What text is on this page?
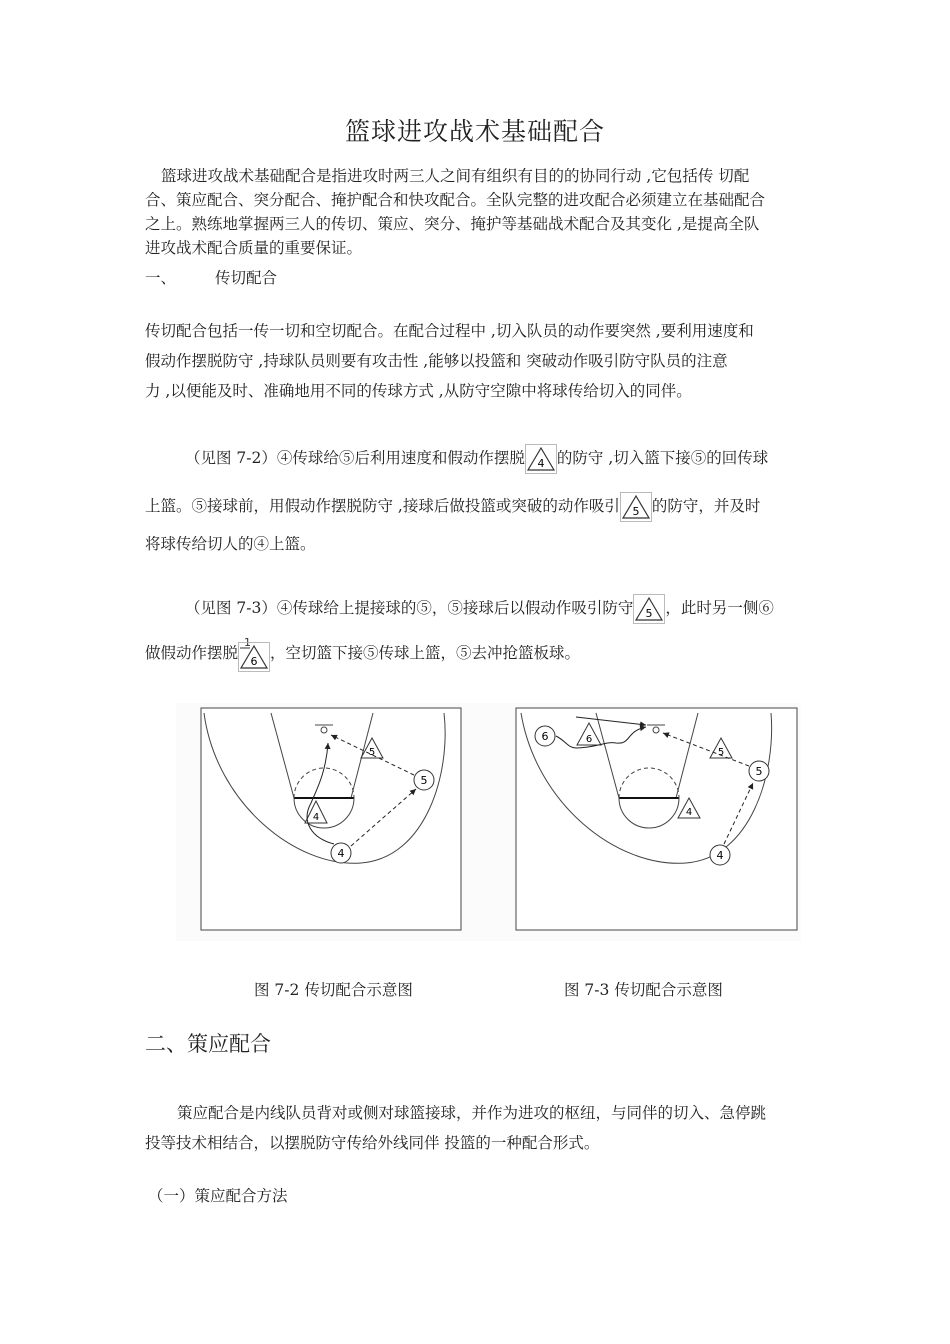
篮球进攻战术基础配合
篮球进攻战术基础配合是指进攻时两三人之间有组织有目的的协同行动 ,它包括传 切配
合、策应配合、突分配合、掩护配合和快攻配合。全队完整的进攻配合必须建立在基础配合
之上。熟练地掌握两三人的传切、策应、突分、掩护等基础战术配合及其变化 ,是提高全队
进攻战术配合质量的重要保证。
一、	传切配合
传切配合包括一传一切和空切配合。在配合过程中 ,切入队员的动作要突然 ,要利用速度和
假动作摆脱防守 ,持球队员则要有攻击性 ,能够以投篮和 突破动作吸引防守队员的注意
力 ,以便能及时、准确地用不同的传球方式 ,从防守空隙中将球传给切入的同伴。
（见图 7-2）④传球给⑤后利用速度和假动作摆脱 4 的防守 ,切入篮下接⑤的回传球
上篮。⑤接球前，用假动作摆脱防守 ,接球后做投篮或突破的动作吸引 5 的防守，并及时
将球传给切人的④上篮。
（见图 7-3）④传球给上提接球的⑤，⑤接球后以假动作吸引防守 5 ，此时另一侧⑥
做假动作摆脱
1
6 ，空切篮下接⑤传球上篮，⑤去冲抢篮板球。
4
5
5
4
6
5
4
6
5
4
图 7-2 传切配合示意图	图 7-3 传切配合示意图
二、策应配合
策应配合是内线队员背对或侧对球篮接球，并作为进攻的枢纽，与同伴的切入、急停跳
投等技术相结合，以摆脱防守传给外线同伴 投篮的一种配合形式。
（一）策应配合方法
